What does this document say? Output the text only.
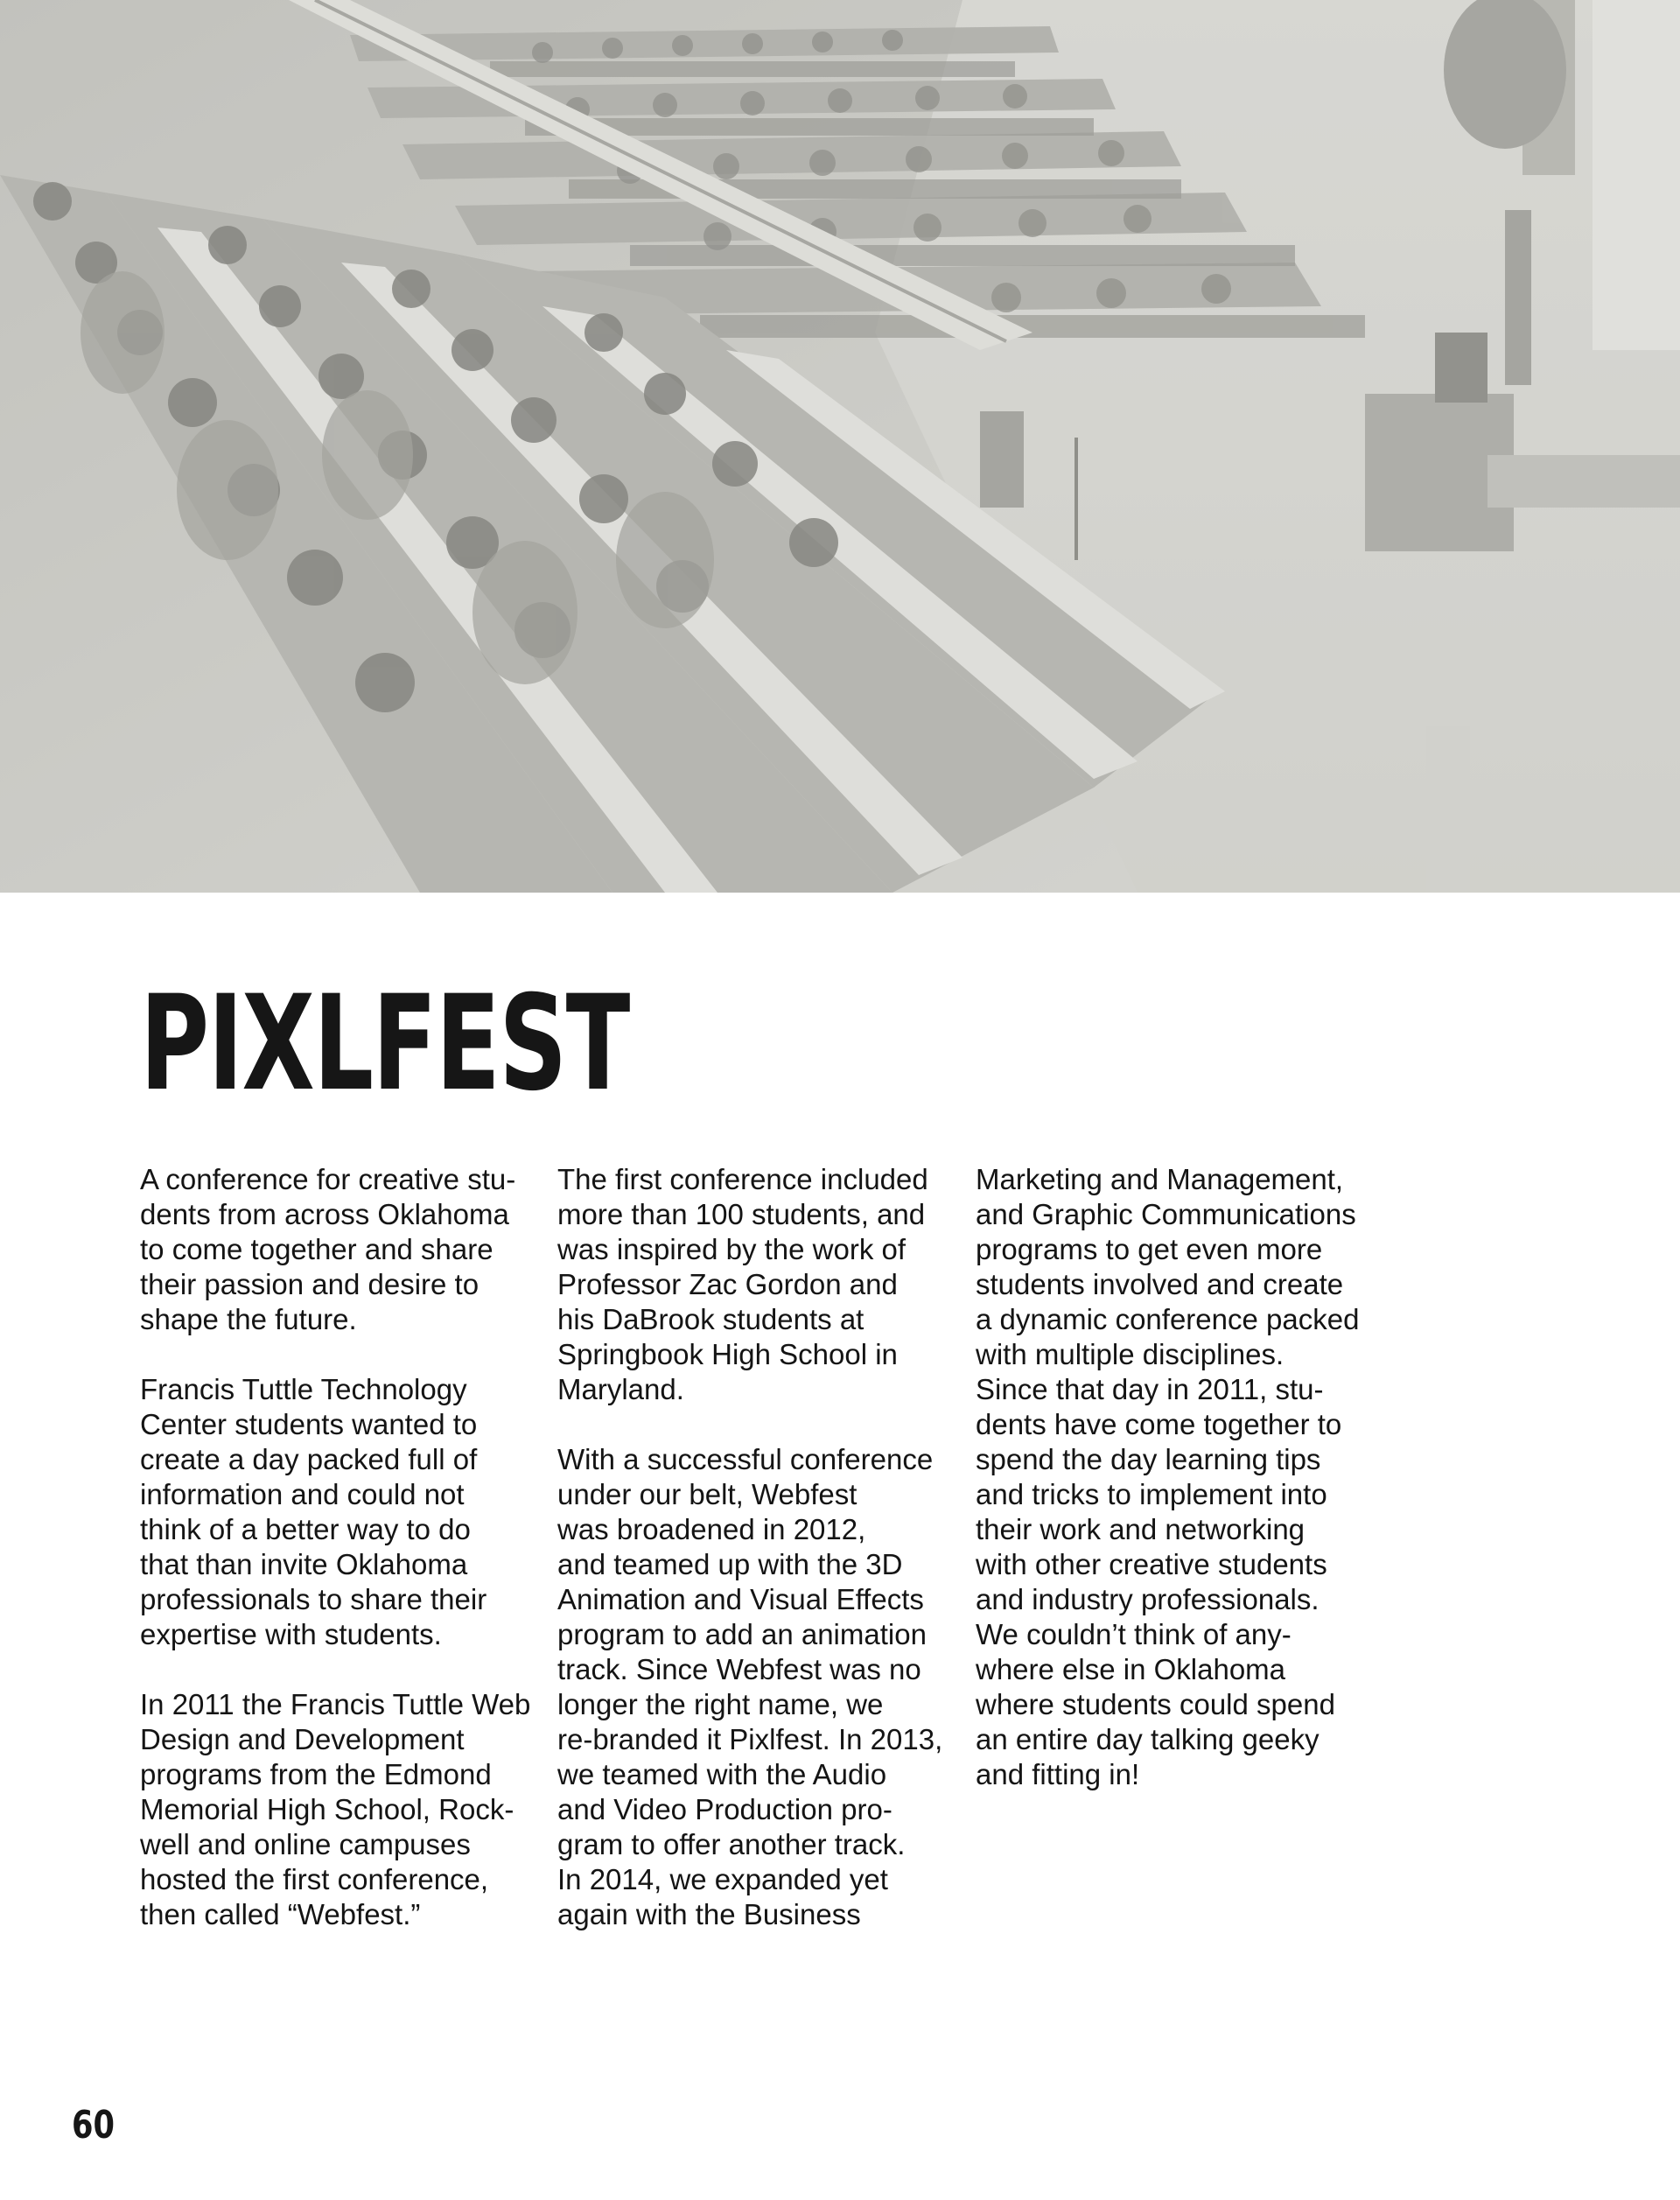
PIXLFEST

A conference for creative stu-
dents from across Oklahoma
to come together and share
their passion and desire to
shape the future.

Francis Tuttle Technology
Center students wanted to
create a day packed full of
information and could not
think of a better way to do
that than invite Oklahoma
professionals to share their
expertise with students.

In 2011 the Francis Tuttle Web
Design and Development
programs from the Edmond
Memorial High School, Rock-
well and online campuses
hosted the first conference,
then called “Webfest.”

The first conference included
more than 100 students, and
was inspired by the work of
Professor Zac Gordon and
his DaBrook students at
Springbook High School in
Maryland.

With a successful conference
under our belt, Webfest
was broadened in 2012,
and teamed up with the 3D
Animation and Visual Effects
program to add an animation
track. Since Webfest was no
longer the right name, we
re-branded it Pixlfest. In 2013,
we teamed with the Audio
and Video Production pro-
gram to offer another track.
In 2014, we expanded yet
again with the Business

Marketing and Management,
and Graphic Communications
programs to get even more
students involved and create
a dynamic conference packed
with multiple disciplines.
Since that day in 2011, stu-
dents have come together to
spend the day learning tips
and tricks to implement into
their work and networking
with other creative students
and industry professionals.
We couldn’t think of any-
where else in Oklahoma
where students could spend
an entire day talking geeky
and fitting in!

60
